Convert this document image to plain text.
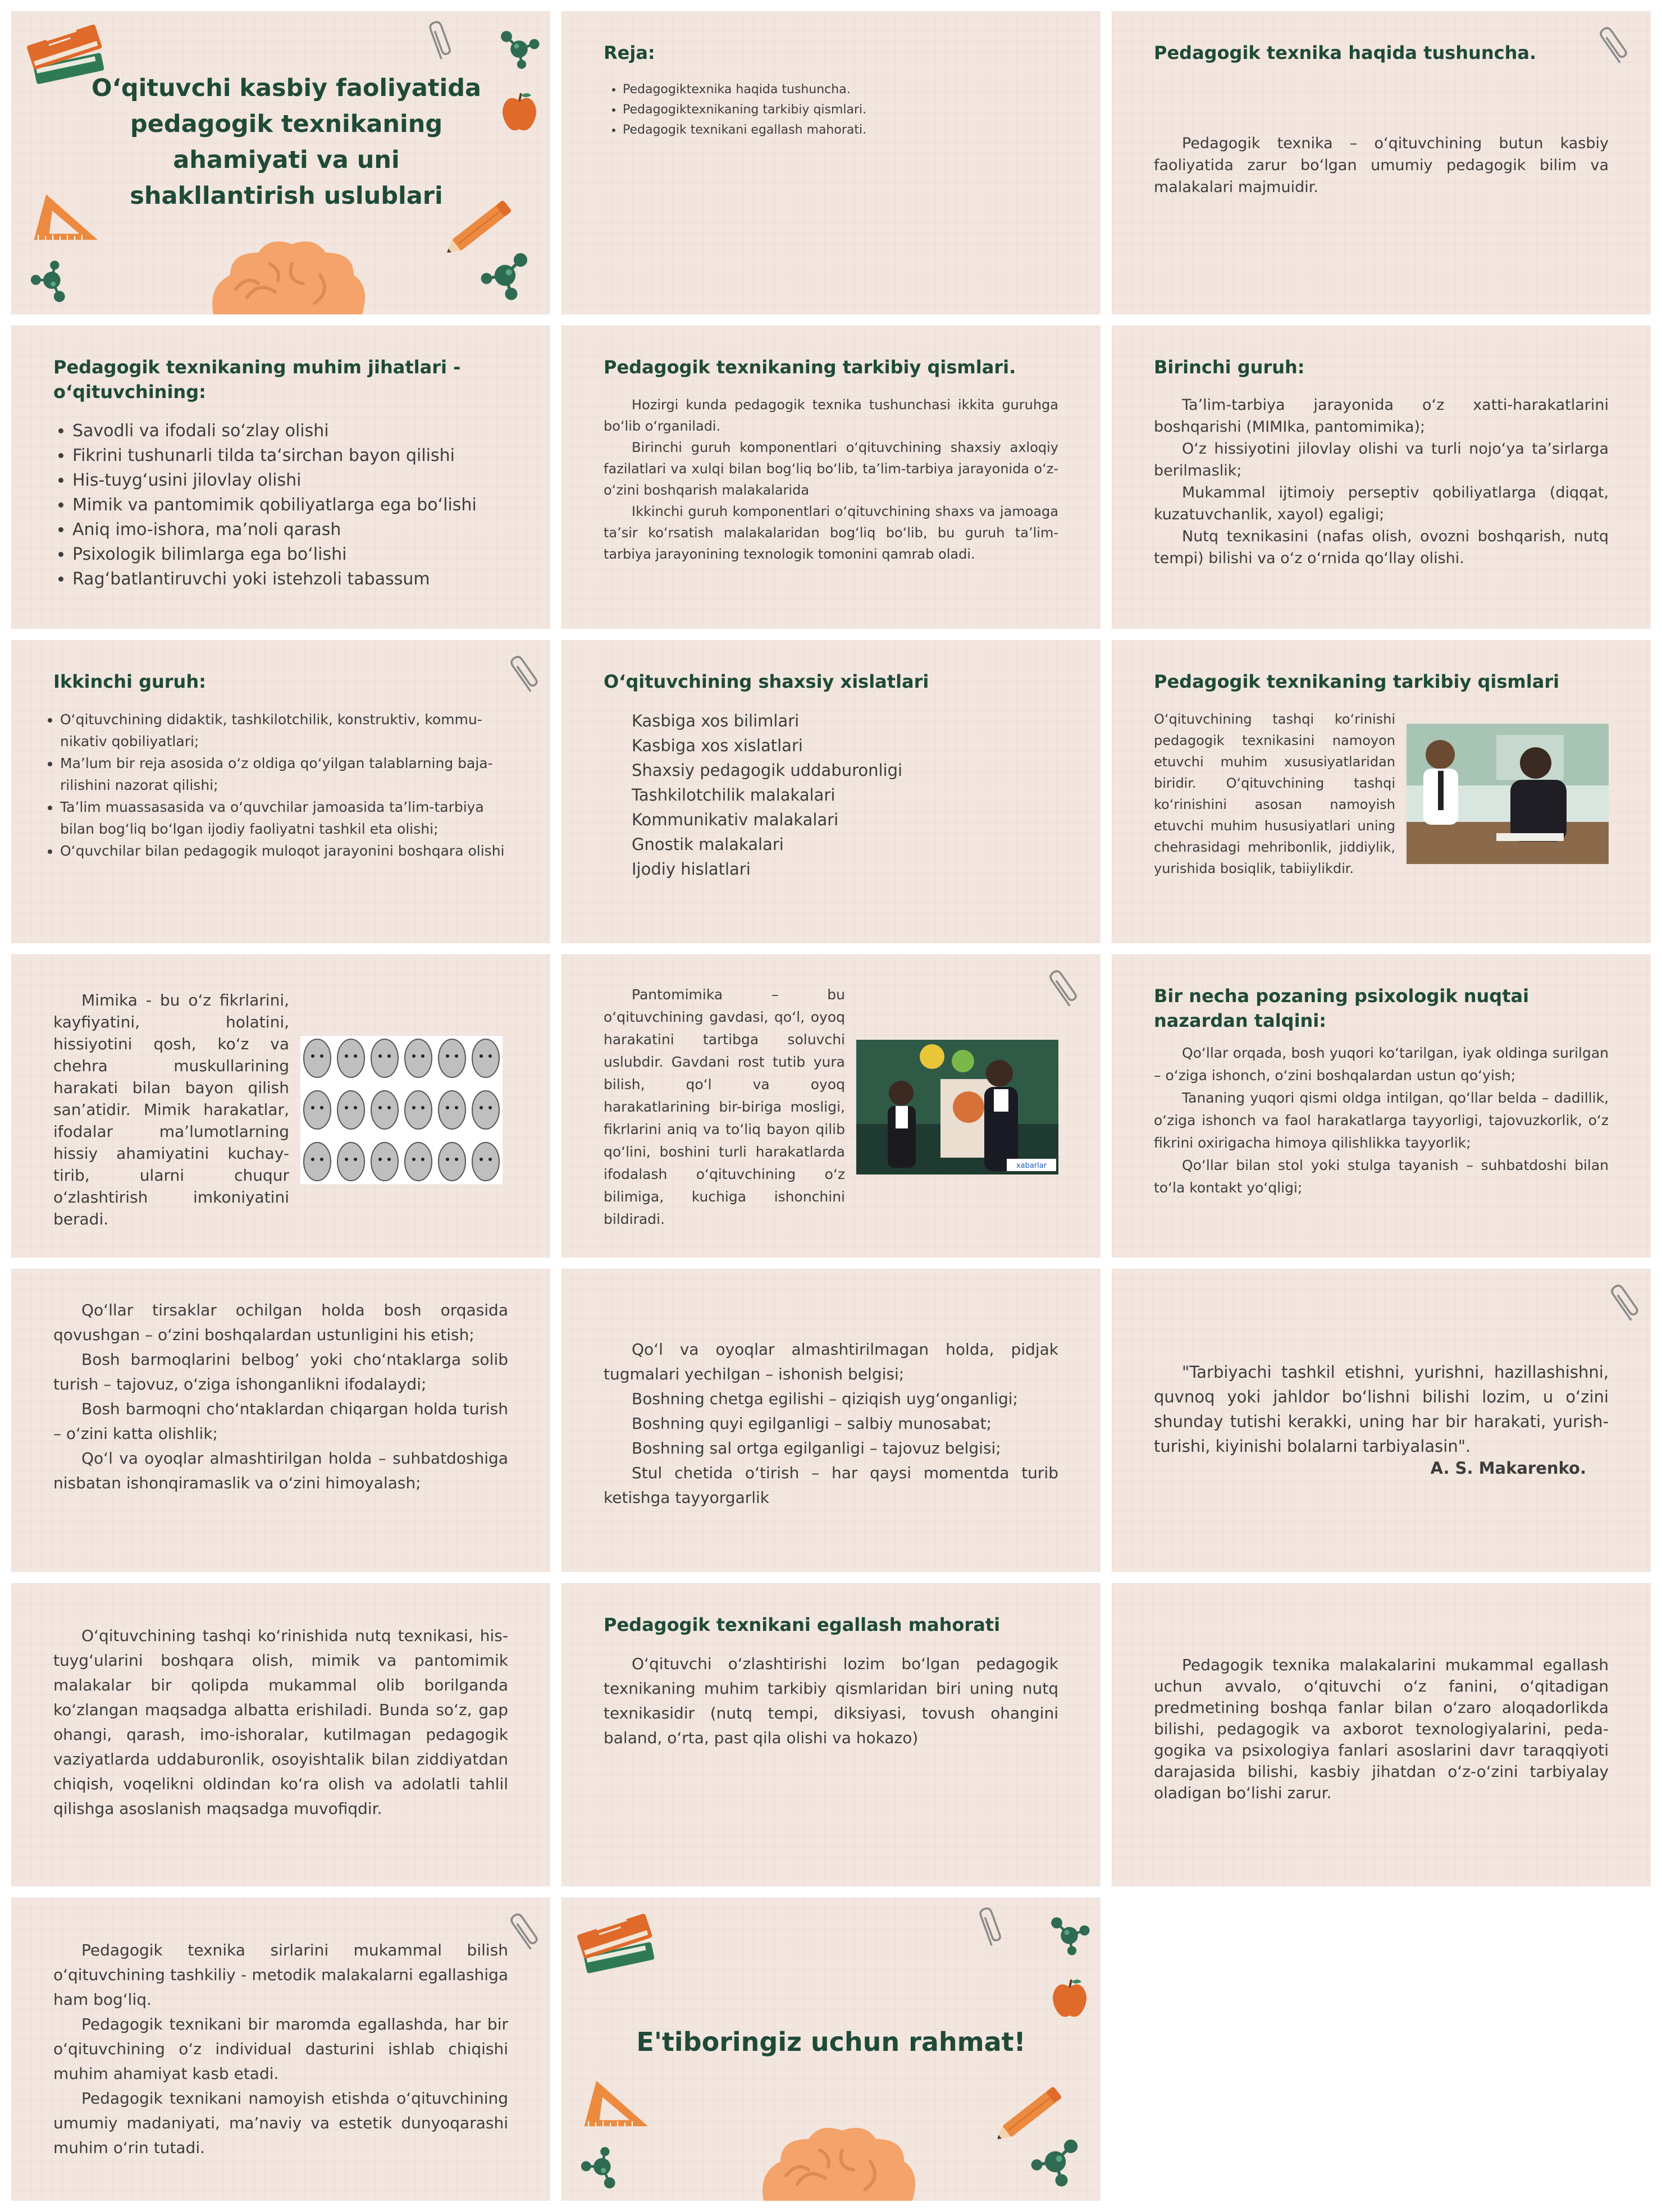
O‘qituvchi kasbiy faoliyatida pedagogik texnikaning ahamiyati va uni shakllantirish uslublari
Reja:
• Pedagogiktexnika haqida tushuncha.
• Pedagogiktexnikaning tarkibiy qismlari.
• Pedagogik texnikani egallash mahorati.
Pedagogik texnika haqida tushuncha.

Pedagogik texnika – o‘qituvchining butun kasbiy faoliyatida zarur bo‘lgan umumiy pedagogik bilim va malakalari majmuidir.

Pedagogik texnikaning muhim jihatlari - o‘qituvchining:
• Savodli va ifodali so‘zlay olishi
• Fikrini tushunarli tilda ta‘sirchan bayon qilishi
• His-tuyg‘usini jilovlay olishi
• Mimik va pantomimik qobiliyatlarga ega bo‘lishi
• Aniq imo-ishora, ma’noli qarash
• Psixologik bilimlarga ega bo‘lishi
• Rag‘batlantiruvchi yoki istehzoli tabassum
Pedagogik texnikaning tarkibiy qismlari.

Hozirgi kunda pedagogik texnika tushunchasi ikkita guruhga bo‘lib o‘rganiladi.

Birinchi guruh komponentlari o‘qituvchining shaxsiy axloqiy fazilatlari va xulqi bilan bog‘liq bo‘lib, ta’lim-tarbiya jarayonida o‘z-o‘zini boshqarish malakalarida

Ikkinchi guruh komponentlari o‘qituvchining shaxs va jamoaga ta’sir ko‘rsatish malakalaridan bog‘liq bo‘lib, bu guruh ta’lim-tarbiya jarayonining texnologik tomonini qamrab oladi.

Birinchi guruh:

Ta’lim-tarbiya jarayonida o‘z xatti-harakatlarini boshqarishi (MIMIka, pantomimika);

O‘z hissiyotini jilovlay olishi va turli nojo‘ya ta’sirlarga berilmaslik;

Mukammal ijtimoiy perseptiv qobiliyatlarga (diqqat, kuzatuvchanlik, xayol) egaligi;

Nutq texnikasini (nafas olish, ovozni boshqarish, nutq tempi) bilishi va o‘z o‘rnida qo‘llay olishi.

Ikkinchi guruh:
• O‘qituvchining didaktik, tashkilotchilik, konstruktiv, kommu-nikativ qobiliyatlari;
• Ma’lum bir reja asosida o‘z oldiga qo‘yilgan talablarning baja-rilishini nazorat qilishi;
• Ta’lim muassasasida va o‘quvchilar jamoasida ta’lim-tarbiya bilan bog‘liq bo‘lgan ijodiy faoliyatni tashkil eta olishi;
• O‘quvchilar bilan pedagogik muloqot jarayonini boshqara olishi
O‘qituvchining shaxsiy xislatlari
Kasbiga xos bilimlari
Kasbiga xos xislatlari
Shaxsiy pedagogik uddaburonligi
Tashkilotchilik malakalari
Kommunikativ malakalari
Gnostik malakalari
Ijodiy hislatlari
Pedagogik texnikaning tarkibiy qismlari
O‘qituvchining tashqi ko‘rinishi pedagogik texnikasini namoyon etuvchi muhim xususiyatlaridan biridir. O‘qituvchining tashqi ko‘rinishini asosan namoyish etuvchi muhim hususiyatlari uning chehrasidagi mehribonlik, jiddiylik, yurishida bosiqlik, tabiiylikdir.

Mimika - bu o‘z fikrlarini, kayfiyatini, holatini, hissiyotini qosh, ko‘z va chehra muskullarining harakati bilan bayon qilish san’atidir. Mimik harakatlar, ifodalar ma’lumotlarning hissiy ahamiyatini kuchay-tirib, ularni chuqur o‘zlashtirish imkoniyatini beradi.

Pantomimika – bu o‘qituvchining gavdasi, qo‘l, oyoq harakatini tartibga soluvchi uslubdir. Gavdani rost tutib yura bilish, qo‘l va oyoq harakatlarining bir-biriga mosligi, fikrlarini aniq va to‘liq bayon qilib qo‘lini, boshini turli harakatlarda ifodalash o‘qituvchining o‘z bilimiga, kuchiga ishonchini bildiradi.

xabarlar
Bir necha pozaning psixologik nuqtai nazardan talqini:

Qo‘llar orqada, bosh yuqori ko‘tarilgan, iyak oldinga surilgan – o‘ziga ishonch, o‘zini boshqalardan ustun qo‘yish;

Tananing yuqori qismi oldga intilgan, qo‘llar belda – dadillik, o‘ziga ishonch va faol harakatlarga tayyorligi, tajovuzkorlik, o‘z fikrini oxirigacha himoya qilishlikka tayyorlik;

Qo‘llar bilan stol yoki stulga tayanish – suhbatdoshi bilan to‘la kontakt yo‘qligi;

Qo‘llar tirsaklar ochilgan holda bosh orqasida qovushgan – o‘zini boshqalardan ustunligini his etish;

Bosh barmoqlarini belbog’ yoki cho‘ntaklarga solib turish – tajovuz, o‘ziga ishonganlikni ifodalaydi;

Bosh barmoqni cho‘ntaklardan chiqargan holda turish – o‘zini katta olishlik;

Qo‘l va oyoqlar almashtirilgan holda – suhbatdoshiga nisbatan ishonqiramaslik va o‘zini himoyalash;

Qo‘l va oyoqlar almashtirilmagan holda, pidjak tugmalari yechilgan – ishonish belgisi;

Boshning chetga egilishi – qiziqish uyg‘onganligi;

Boshning quyi egilganligi – salbiy munosabat;

Boshning sal ortga egilganligi – tajovuz belgisi;

Stul chetida o‘tirish – har qaysi momentda turib ketishga tayyorgarlik

"Tarbiyachi tashkil etishni, yurishni, hazillashishni, quvnoq yoki jahldor bo‘lishni bilishi lozim, u o‘zini shunday tutishi kerakki, uning har bir harakati, yurish-turishi, kiyinishi bolalarni tarbiyalasin".

A. S. Makarenko.

O‘qituvchining tashqi ko‘rinishida nutq texnikasi, his-tuyg‘ularini boshqara olish, mimik va pantomimik malakalar bir qolipda mukammal olib borilganda ko‘zlangan maqsadga albatta erishiladi. Bunda so‘z, gap ohangi, qarash, imo-ishoralar, kutilmagan pedagogik vaziyatlarda uddaburonlik, osoyishtalik bilan ziddiyatdan chiqish, voqelikni oldindan ko‘ra olish va adolatli tahlil qilishga asoslanish maqsadga muvofiqdir.

Pedagogik texnikani egallash mahorati

O‘qituvchi o‘zlashtirishi lozim bo‘lgan pedagogik texnikaning muhim tarkibiy qismlaridan biri uning nutq texnikasidir (nutq tempi, diksiyasi, tovush ohangini baland, o‘rta, past qila olishi va hokazo)

Pedagogik texnika malakalarini mukammal egallash uchun avvalo, o‘qituvchi o‘z fanini, o‘qitadigan predmetining boshqa fanlar bilan o‘zaro aloqadorlikda bilishi, pedagogik va axborot texnologiyalarini, peda-gogika va psixologiya fanlari asoslarini davr taraqqiyoti darajasida bilishi, kasbiy jihatdan o‘z-o‘zini tarbiyalay oladigan bo‘lishi zarur.

Pedagogik texnika sirlarini mukammal bilish o‘qituvchining tashkiliy - metodik malakalarni egallashiga ham bog‘liq.

Pedagogik texnikani bir maromda egallashda, har bir o‘qituvchining o‘z individual dasturini ishlab chiqishi muhim ahamiyat kasb etadi.

Pedagogik texnikani namoyish etishda o‘qituvchining umumiy madaniyati, ma’naviy va estetik dunyoqarashi muhim o‘rin tutadi.

E'tiboringiz uchun rahmat!
